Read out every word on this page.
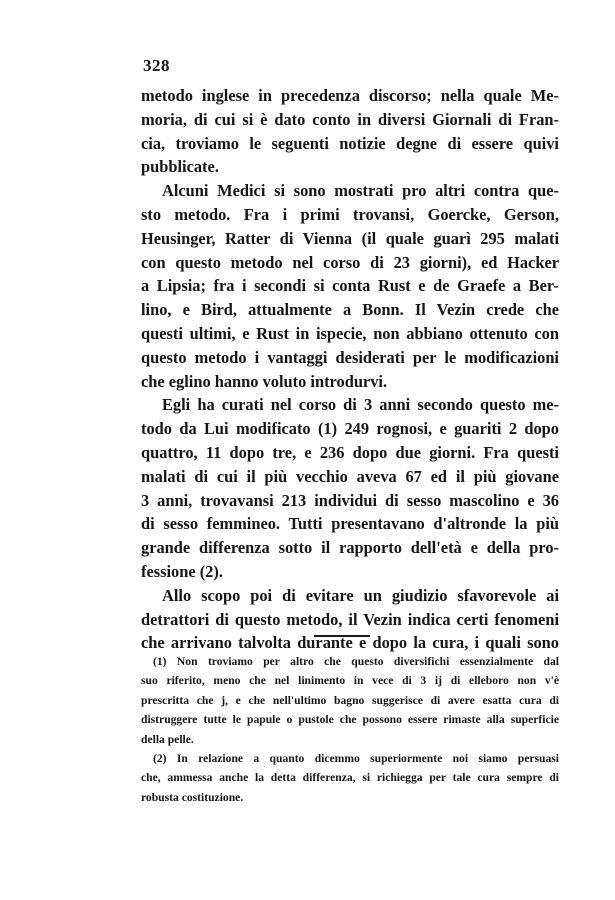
328
metodo inglese in precedenza discorso; nella quale Me-
moria, di cui si è dato conto in diversi Giornali di Fran-
cia, troviamo le seguenti notizie degne di essere quivi
pubblicate.
Alcuni Medici si sono mostrati pro altri contra que-
sto metodo. Fra i primi trovansi, Goercke, Gerson,
Heusinger, Ratter di Vienna (il quale guarì 295 malati
con questo metodo nel corso di 23 giorni), ed Hacker
a Lipsia; fra i secondi si conta Rust e de Graefe a Ber-
lino, e Bird, attualmente a Bonn. Il Vezin crede che
questi ultimi, e Rust in ispecie, non abbiano ottenuto con
questo metodo i vantaggi desiderati per le modificazioni
che eglino hanno voluto introdurvi.
Egli ha curati nel corso di 3 anni secondo questo me-
todo da Lui modificato (1) 249 rognosi, e guariti 2 dopo
quattro, 11 dopo tre, e 236 dopo due giorni. Fra questi
malati di cui il più vecchio aveva 67 ed il più giovane
3 anni, trovavansi 213 individui di sesso mascolino e 36
di sesso femmineo. Tutti presentavano d'altronde la più
grande differenza sotto il rapporto dell'età e della pro-
fessione (2).
Allo scopo poi di evitare un giudizio sfavorevole ai
detrattori di questo metodo, il Vezin indica certi fenomeni
che arrivano talvolta durante e dopo la cura, i quali sono
(1) Non troviamo per altro che questo diversifichi essenzialmente dal
suo riferito, meno che nel linimento in vece di 3 ij di elleboro non v'è
prescritta che j, e che nell'ultimo bagno suggerisce di avere esatta cura di
distruggere tutte le papule o pustole che possono essere rimaste alla superficie
della pelle.
(2) In relazione a quanto dicemmo superiormente noi siamo persuasi
che, ammessa anche la detta differenza, si richiegga per tale cura sempre di
robusta costituzione.
